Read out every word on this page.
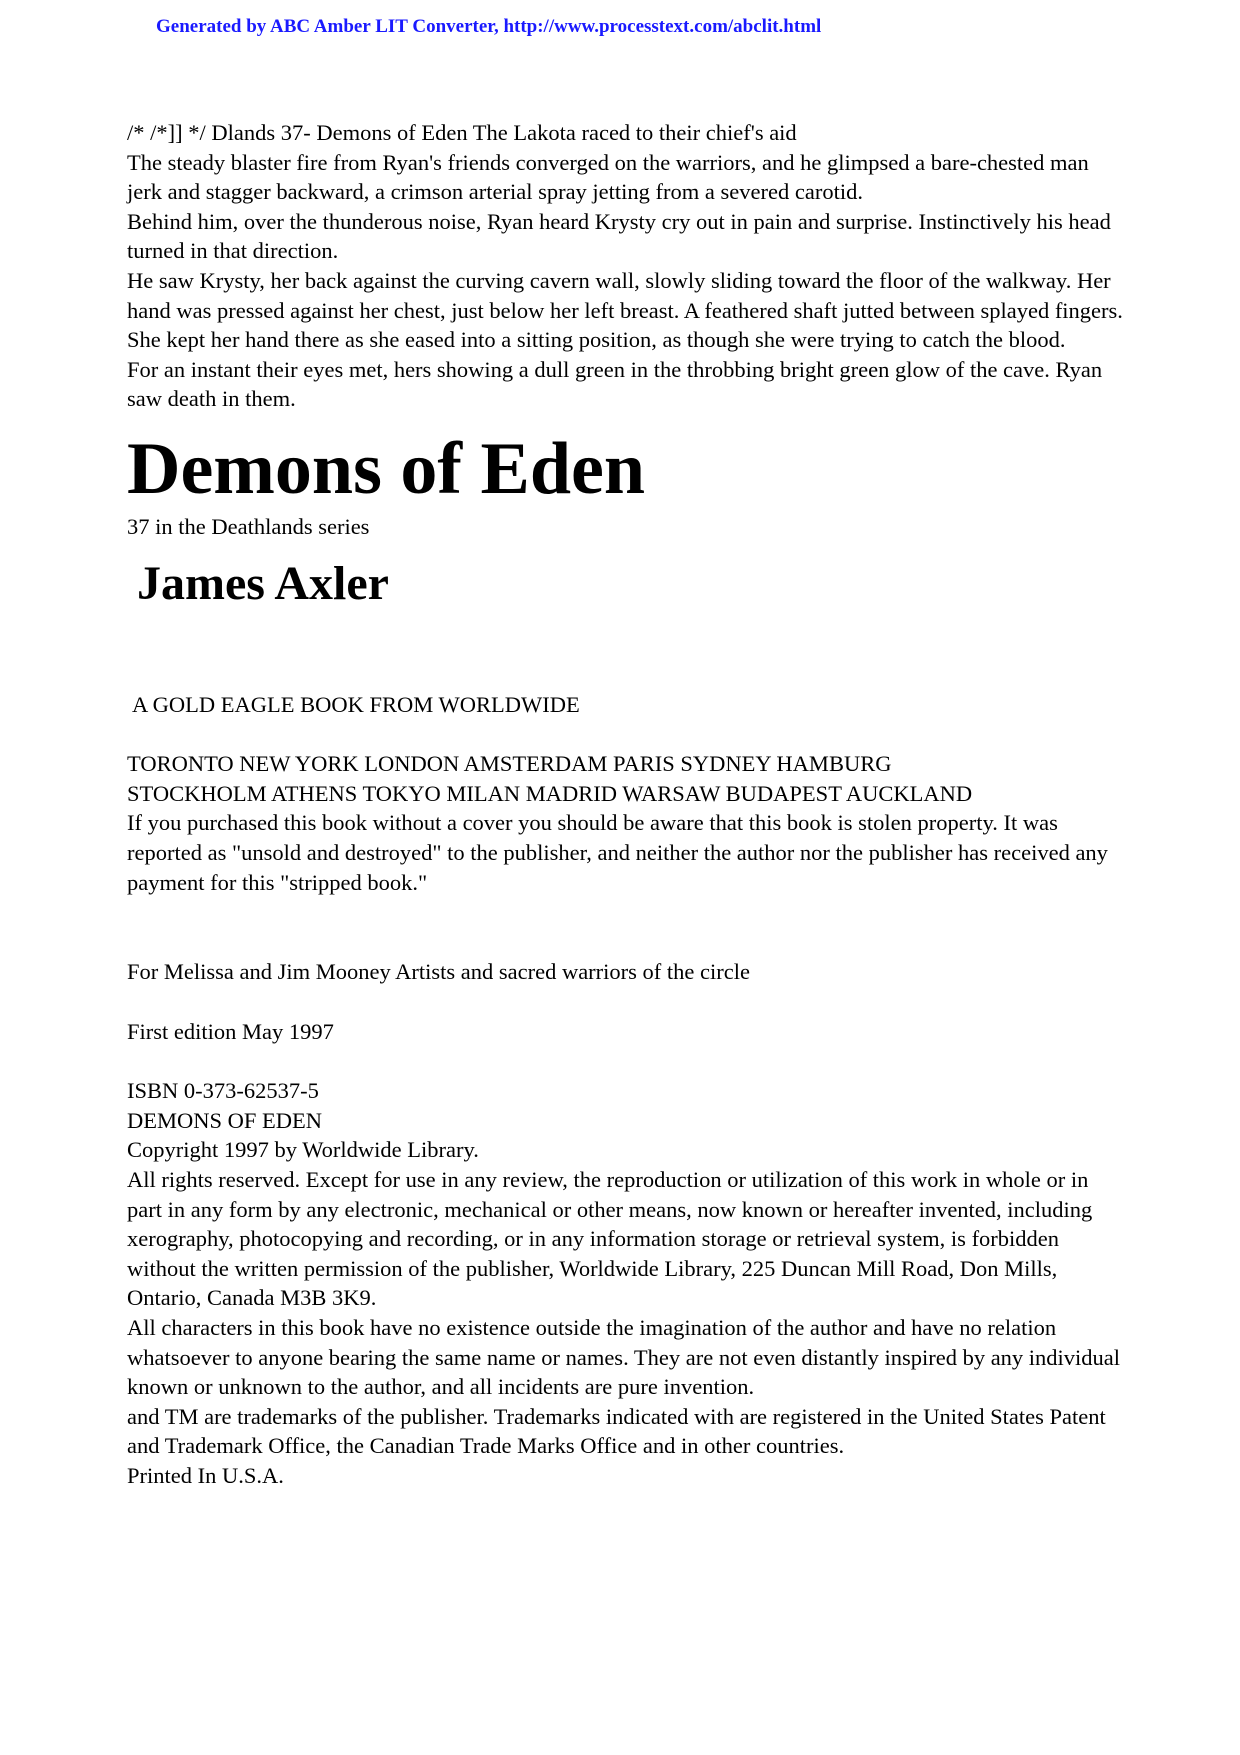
Generated by ABC Amber LIT Converter, http://www.processtext.com/abclit.html

/* /*]] */ Dlands 37- Demons of Eden The Lakota raced to their chief's aid

The steady blaster fire from Ryan's friends converged on the warriors, and he glimpsed a bare-chested man jerk and stagger backward, a crimson arterial spray jetting from a severed carotid.

Behind him, over the thunderous noise, Ryan heard Krysty cry out in pain and surprise. Instinctively his head turned in that direction.

He saw Krysty, her back against the curving cavern wall, slowly sliding toward the floor of the walkway. Her hand was pressed against her chest, just below her left breast. A feathered shaft jutted between splayed fingers. She kept her hand there as she eased into a sitting position, as though she were trying to catch the blood.

For an instant their eyes met, hers showing a dull green in the throbbing bright green glow of the cave. Ryan saw death in them.

Demons of Eden

37 in the Deathlands series

James Axler

A GOLD EAGLE BOOK FROM WORLDWIDE

TORONTO NEW YORK LONDON AMSTERDAM PARIS SYDNEY HAMBURG

STOCKHOLM ATHENS TOKYO MILAN MADRID WARSAW BUDAPEST AUCKLAND

If you purchased this book without a cover you should be aware that this book is stolen property. It was reported as "unsold and destroyed" to the publisher, and neither the author nor the publisher has received any payment for this "stripped book."

For Melissa and Jim Mooney Artists and sacred warriors of the circle

First edition May 1997

ISBN 0-373-62537-5

DEMONS OF EDEN

Copyright 1997 by Worldwide Library.

All rights reserved. Except for use in any review, the reproduction or utilization of this work in whole or in part in any form by any electronic, mechanical or other means, now known or hereafter invented, including xerography, photocopying and recording, or in any information storage or retrieval system, is forbidden without the written permission of the publisher, Worldwide Library, 225 Duncan Mill Road, Don Mills, Ontario, Canada M3B 3K9.

All characters in this book have no existence outside the imagination of the author and have no relation whatsoever to anyone bearing the same name or names. They are not even distantly inspired by any individual known or unknown to the author, and all incidents are pure invention.

and TM are trademarks of the publisher. Trademarks indicated with are registered in the United States Patent and Trademark Office, the Canadian Trade Marks Office and in other countries.

Printed In U.S.A.
